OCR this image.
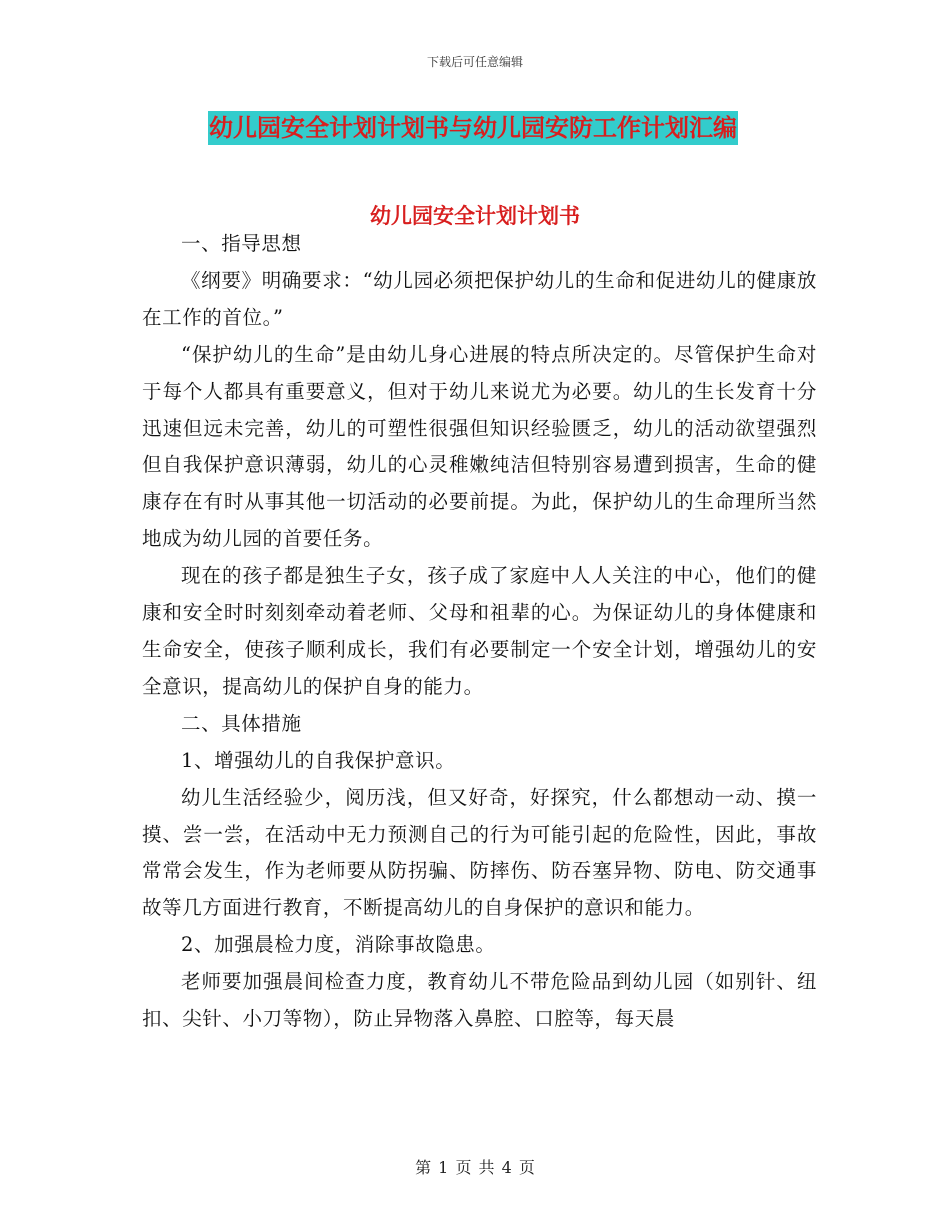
下载后可任意编辑
幼儿园安全计划计划书与幼儿园安防工作计划汇编
幼儿园安全计划计划书

一、指导思想

《纲要》明确要求：“幼儿园必须把保护幼儿的生命和促进幼儿的健康放在工作的首位。”

“保护幼儿的生命”是由幼儿身心进展的特点所决定的。尽管保护生命对于每个人都具有重要意义，但对于幼儿来说尤为必要。幼儿的生长发育十分迅速但远未完善，幼儿的可塑性很强但知识经验匮乏，幼儿的活动欲望强烈但自我保护意识薄弱，幼儿的心灵稚嫩纯洁但特别容易遭到损害，生命的健康存在有时从事其他一切活动的必要前提。为此，保护幼儿的生命理所当然地成为幼儿园的首要任务。

现在的孩子都是独生子女，孩子成了家庭中人人关注的中心，他们的健康和安全时时刻刻牵动着老师、父母和祖辈的心。为保证幼儿的身体健康和生命安全，使孩子顺利成长，我们有必要制定一个安全计划，增强幼儿的安全意识，提高幼儿的保护自身的能力。

二、具体措施

1、增强幼儿的自我保护意识。

幼儿生活经验少，阅历浅，但又好奇，好探究，什么都想动一动、摸一摸、尝一尝，在活动中无力预测自己的行为可能引起的危险性，因此，事故常常会发生，作为老师要从防拐骗、防摔伤、防吞塞异物、防电、防交通事故等几方面进行教育，不断提高幼儿的自身保护的意识和能力。

2、加强晨检力度，消除事故隐患。

老师要加强晨间检查力度，教育幼儿不带危险品到幼儿园（如别针、纽扣、尖针、小刀等物），防止异物落入鼻腔、口腔等，每天晨

第 1 页 共 4 页
